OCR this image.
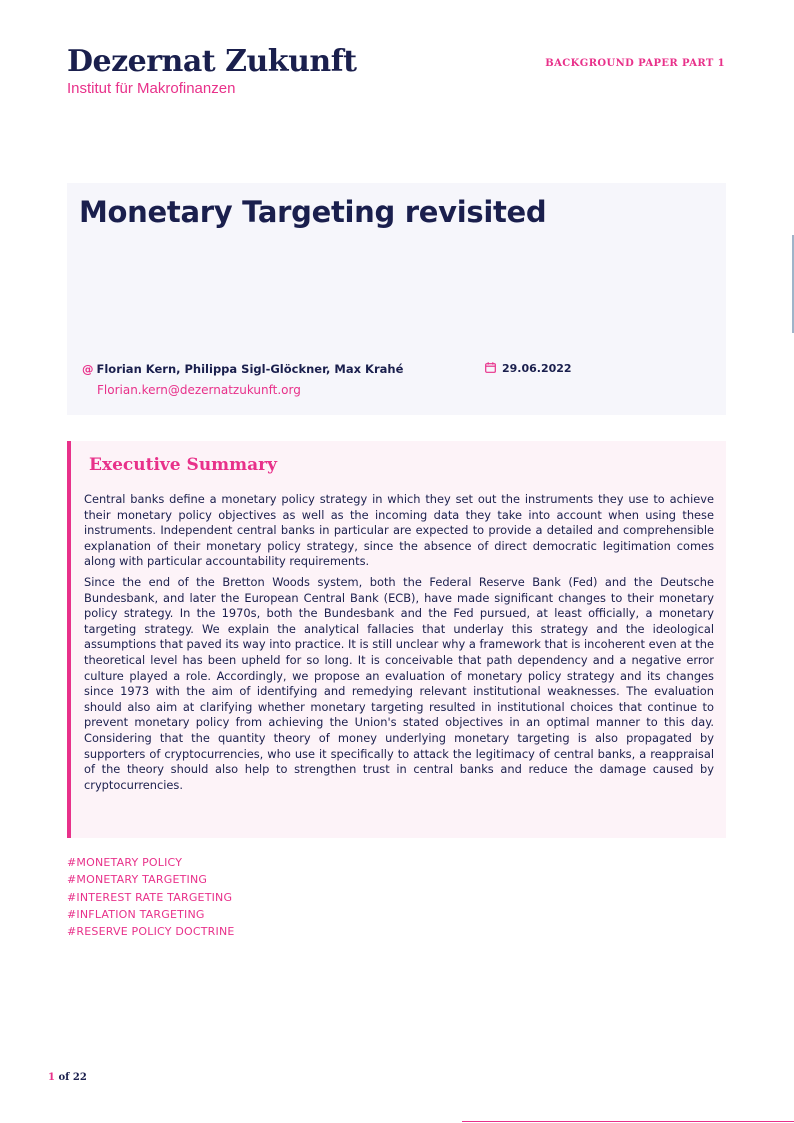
Dezernat Zukunft
Institut für Makrofinanzen
BACKGROUND PAPER PART 1
Monetary Targeting revisited
@ Florian Kern, Philippa Sigl-Glöckner, Max Krahé
Florian.kern@dezernatzukunft.org
29.06.2022
Executive Summary

Central banks define a monetary policy strategy in which they set out the instruments they use to achieve their monetary policy objectives as well as the incoming data they take into account when using these instruments. Independent central banks in particular are expected to provide a detailed and comprehensible explanation of their monetary policy strategy, since the absence of direct democratic legitimation comes along with particular accountability requirements.

Since the end of the Bretton Woods system, both the Federal Reserve Bank (Fed) and the Deutsche Bundesbank, and later the European Central Bank (ECB), have made significant changes to their monetary policy strategy. In the 1970s, both the Bundesbank and the Fed pursued, at least officially, a monetary targeting strategy. We explain the analytical fallacies that underlay this strategy and the ideological assumptions that paved its way into practice. It is still unclear why a framework that is incoherent even at the theoretical level has been upheld for so long. It is conceivable that path dependency and a negative error culture played a role. Accordingly, we propose an evaluation of monetary policy strategy and its changes since 1973 with the aim of identifying and remedying relevant institutional weaknesses. The evaluation should also aim at clarifying whether monetary targeting resulted in institutional choices that continue to prevent monetary policy from achieving the Union's stated objectives in an optimal manner to this day. Considering that the quantity theory of money underlying monetary targeting is also propagated by supporters of cryptocurrencies, who use it specifically to attack the legitimacy of central banks, a reappraisal of the theory should also help to strengthen trust in central banks and reduce the damage caused by cryptocurrencies.

#MONETARY POLICY
#MONETARY TARGETING
#INTEREST RATE TARGETING
#INFLATION TARGETING
#RESERVE POLICY DOCTRINE
1 of 22
